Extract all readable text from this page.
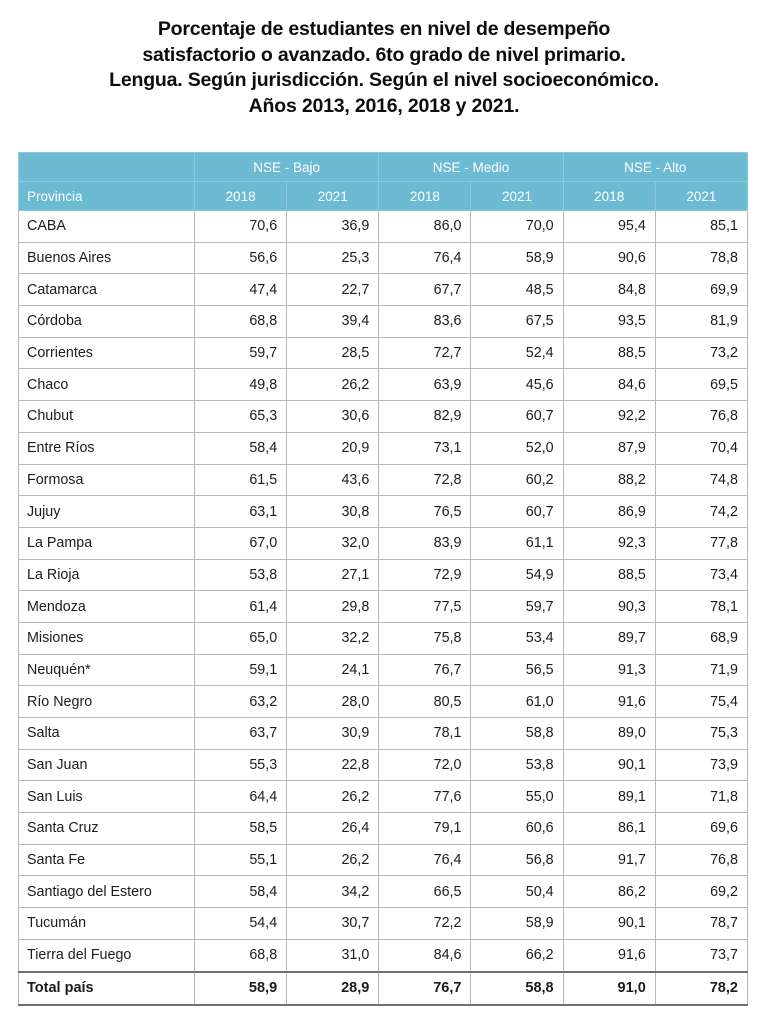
Porcentaje de estudiantes en nivel de desempeño
satisfactorio o avanzado. 6to grado de nivel primario.
Lengua. Según jurisdicción. Según el nivel socioeconómico.
Años 2013, 2016, 2018 y 2021.
	NSE - Bajo		NSE - Medio		NSE - Alto	
Provincia	2018	2021	2018	2021	2018	2021
CABA	70,6	36,9	86,0	70,0	95,4	85,1
Buenos Aires	56,6	25,3	76,4	58,9	90,6	78,8
Catamarca	47,4	22,7	67,7	48,5	84,8	69,9
Córdoba	68,8	39,4	83,6	67,5	93,5	81,9
Corrientes	59,7	28,5	72,7	52,4	88,5	73,2
Chaco	49,8	26,2	63,9	45,6	84,6	69,5
Chubut	65,3	30,6	82,9	60,7	92,2	76,8
Entre Ríos	58,4	20,9	73,1	52,0	87,9	70,4
Formosa	61,5	43,6	72,8	60,2	88,2	74,8
Jujuy	63,1	30,8	76,5	60,7	86,9	74,2
La Pampa	67,0	32,0	83,9	61,1	92,3	77,8
La Rioja	53,8	27,1	72,9	54,9	88,5	73,4
Mendoza	61,4	29,8	77,5	59,7	90,3	78,1
Misiones	65,0	32,2	75,8	53,4	89,7	68,9
Neuquén*	59,1	24,1	76,7	56,5	91,3	71,9
Río Negro	63,2	28,0	80,5	61,0	91,6	75,4
Salta	63,7	30,9	78,1	58,8	89,0	75,3
San Juan	55,3	22,8	72,0	53,8	90,1	73,9
San Luis	64,4	26,2	77,6	55,0	89,1	71,8
Santa Cruz	58,5	26,4	79,1	60,6	86,1	69,6
Santa Fe	55,1	26,2	76,4	56,8	91,7	76,8
Santiago del Estero	58,4	34,2	66,5	50,4	86,2	69,2
Tucumán	54,4	30,7	72,2	58,9	90,1	78,7
Tierra del Fuego	68,8	31,0	84,6	66,2	91,6	73,7
Total país	58,9	28,9	76,7	58,8	91,0	78,2
